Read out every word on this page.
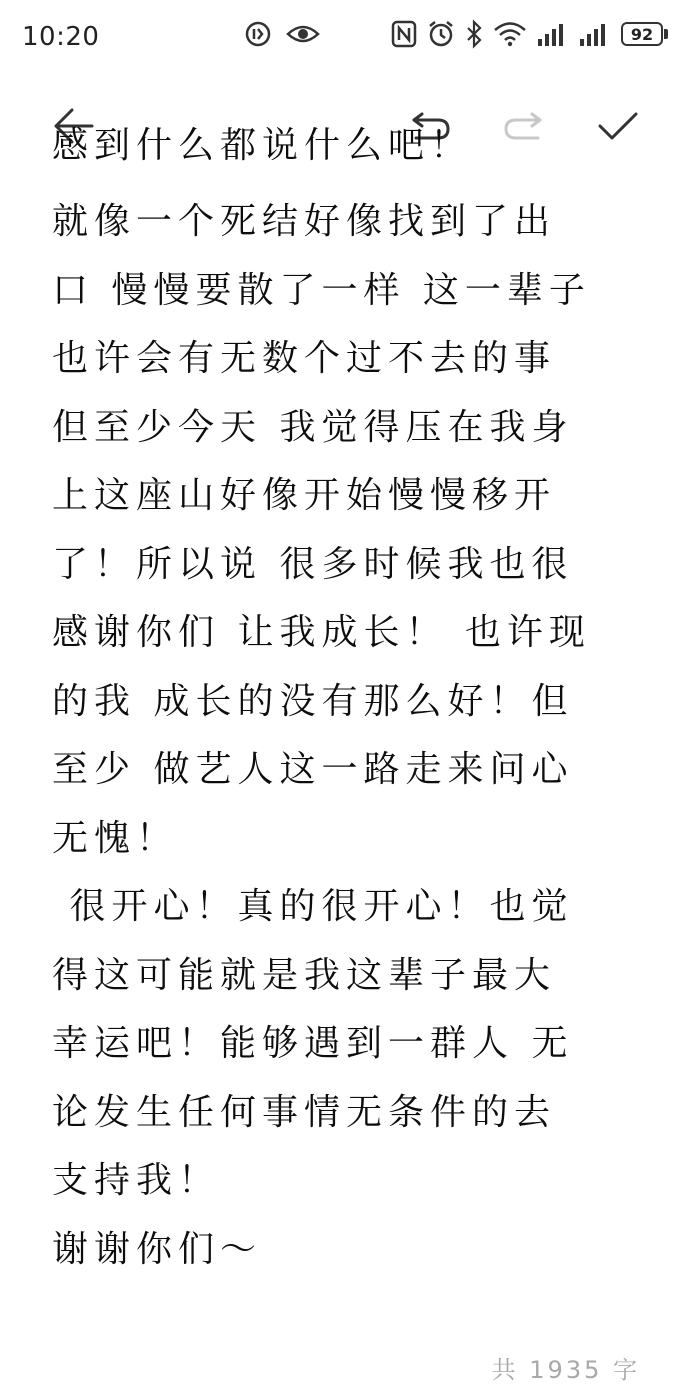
10:20	92
感到什么都说什么吧！
就像一个死结好像找到了出
口 慢慢要散了一样 这一辈子
也许会有无数个过不去的事
但至少今天 我觉得压在我身
上这座山好像开始慢慢移开
了！所以说 很多时候我也很
感谢你们 让我成长！ 也许现
的我 成长的没有那么好！但
至少 做艺人这一路走来问心
无愧！
很开心！真的很开心！也觉
得这可能就是我这辈子最大
幸运吧！能够遇到一群人 无
论发生任何事情无条件的去
支持我！
谢谢你们～
共 1935 字
